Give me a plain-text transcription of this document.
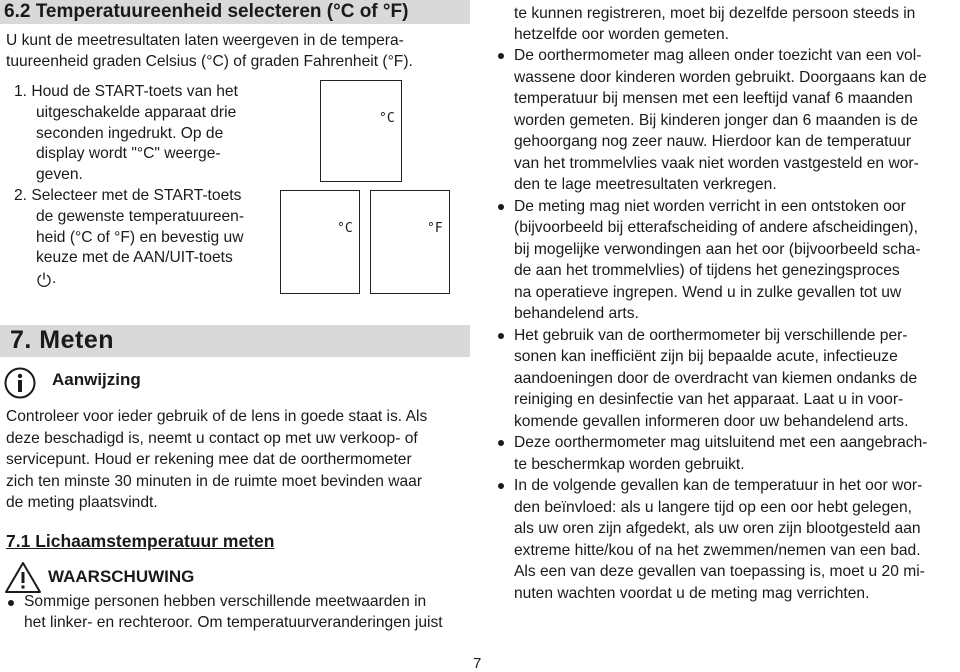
6.2 Temperatuureenheid selecteren (°C of °F)
U kunt de meetresultaten laten weergeven in de tempera-
tuureenheid graden Celsius (°C) of graden Fahrenheit (°F).
1. Houd de START-toets van het
uitgeschakelde apparaat drie
seconden ingedrukt. Op de
display wordt "°C" weerge-
geven.
2. Selecteer met de START-toets
de gewenste temperatuureen-
heid (°C of °F) en bevestig uw
keuze met de AAN/UIT-toets
.
°C
°C	°F
7. Meten
Aanwijzing
Controleer voor ieder gebruik of de lens in goede staat is. Als
deze beschadigd is, neemt u contact op met uw verkoop- of
servicepunt. Houd er rekening mee dat de oorthermometer
zich ten minste 30 minuten in de ruimte moet bevinden waar
de meting plaatsvindt.
7.1 Lichaamstemperatuur meten
WAARSCHUWING
Sommige personen hebben verschillende meetwaarden in
het linker- en rechteroor. Om temperatuurveranderingen juist
te kunnen registreren, moet bij dezelfde persoon steeds in
hetzelfde oor worden gemeten.
De oorthermometer mag alleen onder toezicht van een vol-
wassene door kinderen worden gebruikt. Doorgaans kan de
temperatuur bij mensen met een leeftijd vanaf 6 maanden
worden gemeten. Bij kinderen jonger dan 6 maanden is de
gehoorgang nog zeer nauw. Hierdoor kan de temperatuur
van het trommelvlies vaak niet worden vastgesteld en wor-
den te lage meetresultaten verkregen.
De meting mag niet worden verricht in een ontstoken oor
(bijvoorbeeld bij etterafscheiding of andere afscheidingen),
bij mogelijke verwondingen aan het oor (bijvoorbeeld scha-
de aan het trommelvlies) of tijdens het genezingsproces
na operatieve ingrepen. Wend u in zulke gevallen tot uw
behandelend arts.
Het gebruik van de oorthermometer bij verschillende per-
sonen kan inefficiënt zijn bij bepaalde acute, infectieuze
aandoeningen door de overdracht van kiemen ondanks de
reiniging en desinfectie van het apparaat. Laat u in voor-
komende gevallen informeren door uw behandelend arts.
Deze oorthermometer mag uitsluitend met een aangebrach-
te beschermkap worden gebruikt.
In de volgende gevallen kan de temperatuur in het oor wor-
den beïnvloed: als u langere tijd op een oor hebt gelegen,
als uw oren zijn afgedekt, als uw oren zijn blootgesteld aan
extreme hitte/kou of na het zwemmen/nemen van een bad.
Als een van deze gevallen van toepassing is, moet u 20 mi-
nuten wachten voordat u de meting mag verrichten.
7
